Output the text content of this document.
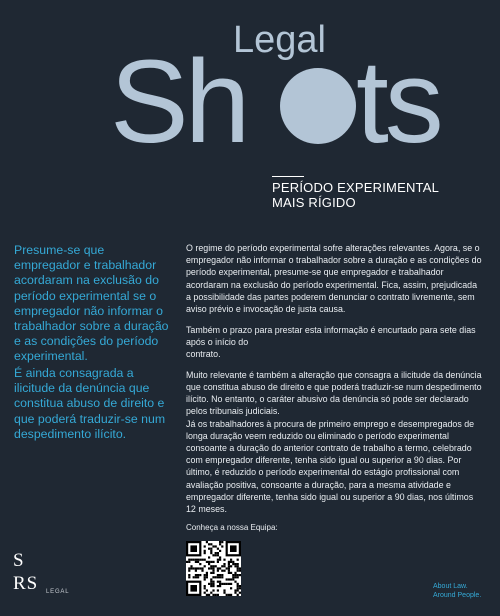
Legal
Sh ts
PERÍODO EXPERIMENTAL
MAIS RÍGIDO
Presume-se que empregador e trabalhador acordaram na exclusão do período experimental se o empregador não informar o trabalhador sobre a duração e as condições do período experimental.
É ainda consagrada a ilicitude da denúncia que constitua abuso de direito e que poderá traduzir-se num despedimento ilícito.

O regime do período experimental sofre alterações relevantes. Agora, se o empregador não informar o trabalhador sobre a duração e as condições do período experimental, presume-se que empregador e trabalhador acordaram na exclusão do período experimental. Fica, assim, prejudicada a possibilidade das partes poderem denunciar o contrato livremente, sem aviso prévio e invocação de justa causa.

Também o prazo para prestar esta informação é encurtado para sete dias após o início do

contrato.

Muito relevante é também a alteração que consagra a ilicitude da denúncia que constitua abuso de direito e que poderá traduzir-se num despedimento ilícito. No entanto, o caráter abusivo da denúncia só pode ser declarado pelos tribunais judiciais.

Já os trabalhadores à procura de primeiro emprego e desempregados de longa duração veem reduzido ou eliminado o período experimental consoante a duração do anterior contrato de trabalho a termo, celebrado com empregador diferente, tenha sido igual ou superior a 90 dias. Por último, é reduzido o período experimental do estágio profissional com avaliação positiva, consoante a duração, para a mesma atividade e empregador diferente, tenha sido igual ou superior a 90 dias, nos últimos 12 meses.

Conheça a nossa Equipa:
S
RS LEGAL
About Law.
Around People.
